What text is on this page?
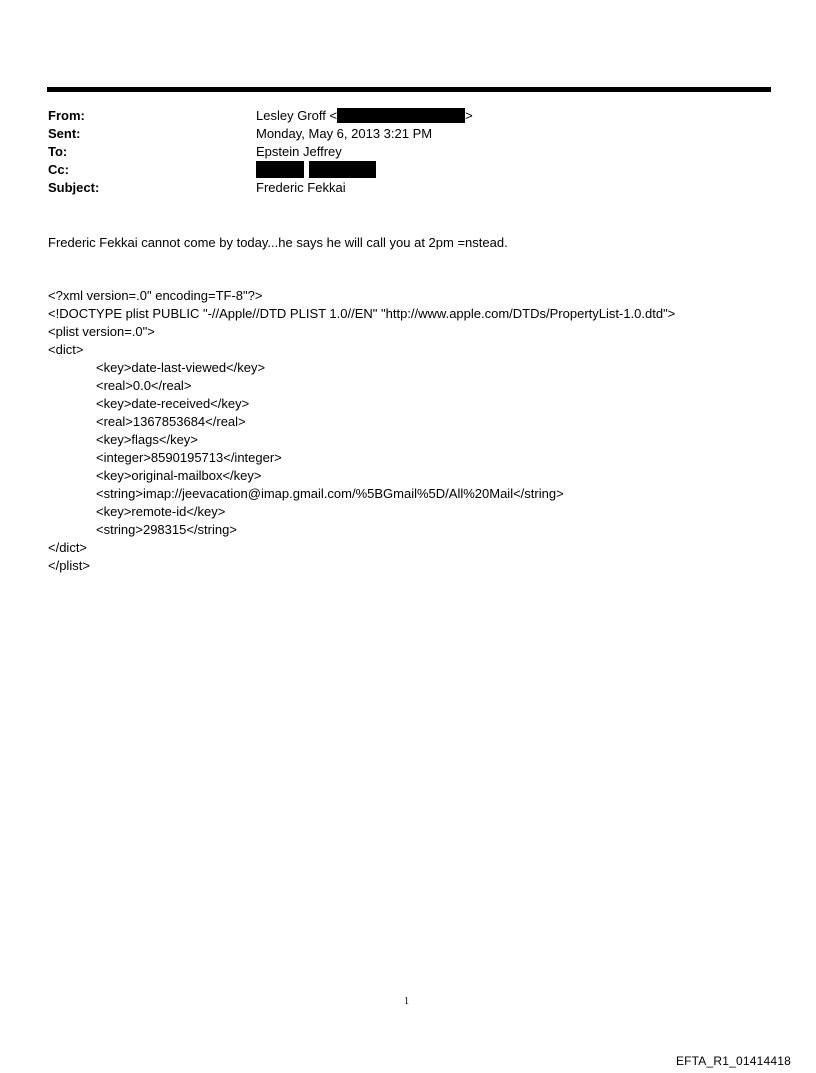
From:	Lesley Groff <	>
Sent:	Monday, May 6, 2013 3:21 PM
To:	Epstein Jeffrey
Cc:
Subject:	Frederic Fekkai
Frederic Fekkai cannot come by today...he says he will call you at 2pm =nstead.
<?xml version=.0" encoding=TF-8"?>
<!DOCTYPE plist PUBLIC "-//Apple//DTD PLIST 1.0//EN" "http://www.apple.com/DTDs/PropertyList-1.0.dtd">
<plist version=.0">
<dict>
<key>date-last-viewed</key>
<real>0.0</real>
<key>date-received</key>
<real>1367853684</real>
<key>flags</key>
<integer>8590195713</integer>
<key>original-mailbox</key>
<string>imap://jeevacation@imap.gmail.com/%5BGmail%5D/All%20Mail</string>
<key>remote-id</key>
<string>298315</string>
</dict>
</plist>
1
EFTA_R1_01414418
